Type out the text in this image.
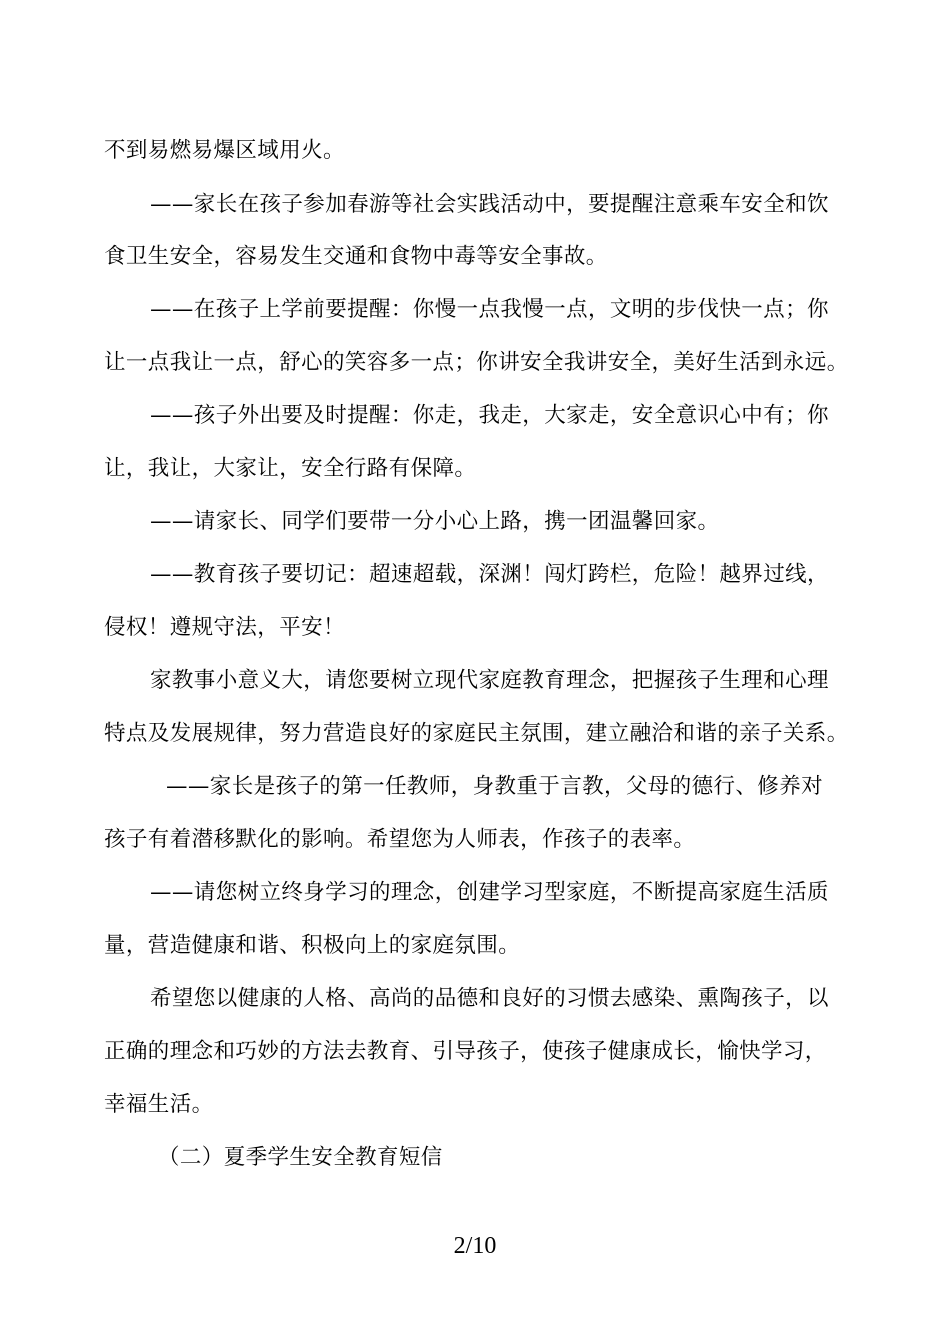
不到易燃易爆区域用火。
——家长在孩子参加春游等社会实践活动中，要提醒注意乘车安全和饮
食卫生安全，容易发生交通和食物中毒等安全事故。
——在孩子上学前要提醒：你慢一点我慢一点，文明的步伐快一点；你
让一点我让一点，舒心的笑容多一点；你讲安全我讲安全，美好生活到永远。
——孩子外出要及时提醒：你走，我走，大家走，安全意识心中有；你
让，我让，大家让，安全行路有保障。
——请家长、同学们要带一分小心上路，携一团温馨回家。
——教育孩子要切记：超速超载，深渊！闯灯跨栏，危险！越界过线，
侵权！遵规守法，平安！
家教事小意义大，请您要树立现代家庭教育理念，把握孩子生理和心理
特点及发展规律，努力营造良好的家庭民主氛围，建立融洽和谐的亲子关系。
——家长是孩子的第一任教师，身教重于言教，父母的德行、修养对
孩子有着潜移默化的影响。希望您为人师表，作孩子的表率。
——请您树立终身学习的理念，创建学习型家庭，不断提高家庭生活质
量，营造健康和谐、积极向上的家庭氛围。
希望您以健康的人格、高尚的品德和良好的习惯去感染、熏陶孩子，以
正确的理念和巧妙的方法去教育、引导孩子，使孩子健康成长，愉快学习，
幸福生活。
（二）夏季学生安全教育短信
2/10
